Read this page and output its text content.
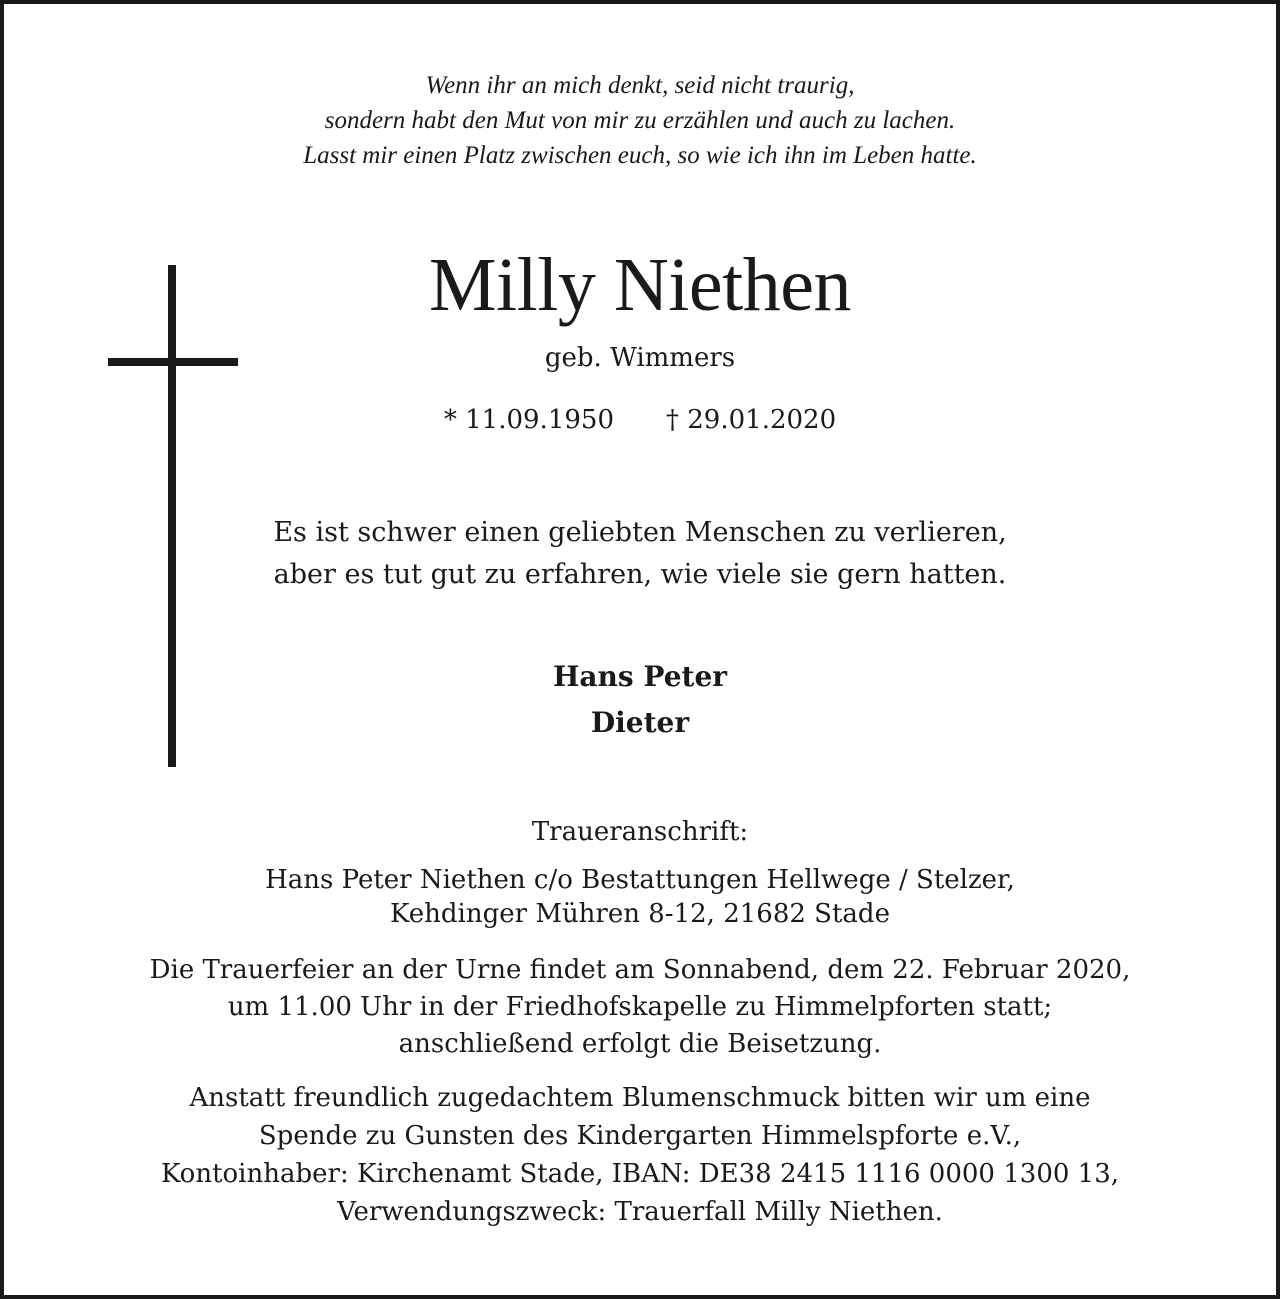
Wenn ihr an mich denkt, seid nicht traurig,
sondern habt den Mut von mir zu erzählen und auch zu lachen.
Lasst mir einen Platz zwischen euch, so wie ich ihn im Leben hatte.
Milly Niethen
geb. Wimmers
* 11.09.1950 † 29.01.2020
Es ist schwer einen geliebten Menschen zu verlieren,
aber es tut gut zu erfahren, wie viele sie gern hatten.
Hans Peter
Dieter
Traueranschrift:
Hans Peter Niethen c/o Bestattungen Hellwege / Stelzer,
Kehdinger Mühren 8-12, 21682 Stade
Die Trauerfeier an der Urne findet am Sonnabend, dem 22. Februar 2020,
um 11.00 Uhr in der Friedhofskapelle zu Himmelpforten statt;
anschließend erfolgt die Beisetzung.
Anstatt freundlich zugedachtem Blumenschmuck bitten wir um eine
Spende zu Gunsten des Kindergarten Himmelspforte e.V.,
Kontoinhaber: Kirchenamt Stade, IBAN: DE38 2415 1116 0000 1300 13,
Verwendungszweck: Trauerfall Milly Niethen.
